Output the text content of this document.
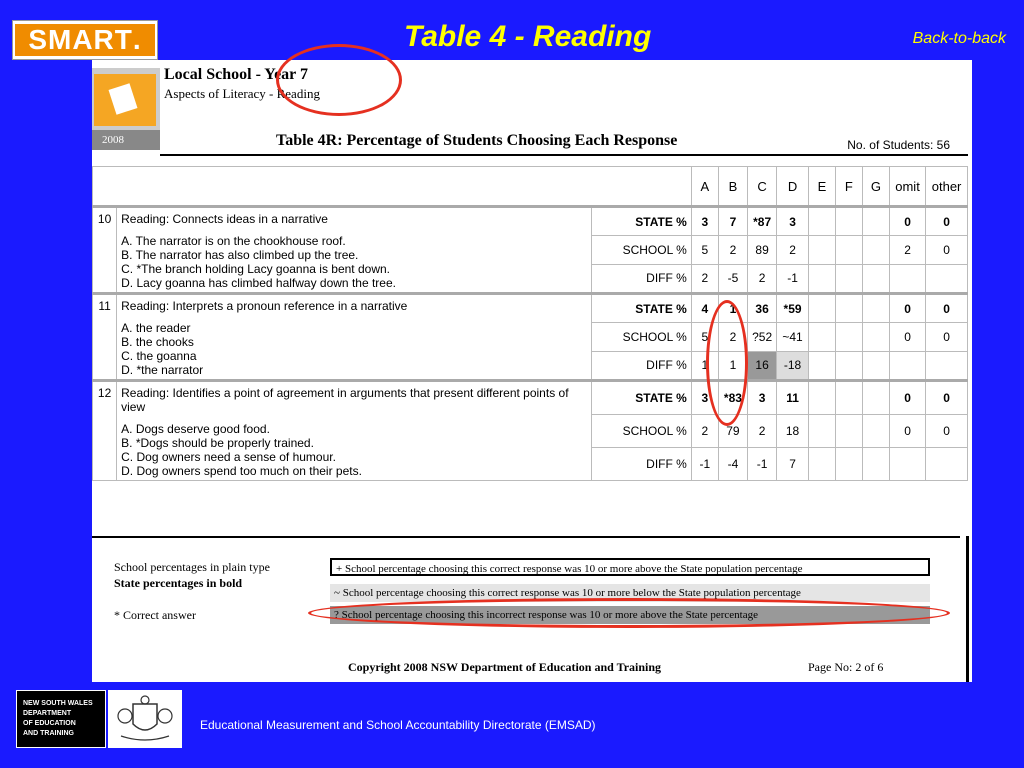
SMART .	Table 4 - Reading	Back-to-back
2008
Local School - Year 7
Aspects of Literacy - Reading
Table 4R: Percentage of Students Choosing Each Response	No. of Students: 56
			A	B	C	D	E	F	G	omit	other
10	Reading: Connects ideas in a narrative
A. The narrator is on the chookhouse roof.
B. The narrator has also climbed up the tree.
C. *The branch holding Lacy goanna is bent down.
D. Lacy goanna has climbed halfway down the tree.	STATE %	3	7	*87	3				0	0
		SCHOOL %	5	2	89	2				2	0
		DIFF %	2	-5	2	-1					
11	Reading: Interprets a pronoun reference in a narrative
A. the reader
B. the chooks
C. the goanna
D. *the narrator	STATE %	4	1	36	*59				0	0
		SCHOOL %	5	2	?52	~41				0	0
		DIFF %	1	1	16	-18					
12	Reading: Identifies a point of agreement in arguments that present different points of view
A. Dogs deserve good food.
B. *Dogs should be properly trained.
C. Dog owners need a sense of humour.
D. Dog owners spend too much on their pets.	STATE %	3	*83	3	11				0	0
		SCHOOL %	2	79	2	18				0	0
		DIFF %	-1	-4	-1	7					
School percentages in plain type
State percentages in bold
* Correct answer
+ School percentage choosing this correct response was 10 or more above the State population percentage
~ School percentage choosing this correct response was 10 or more below the State population percentage
? School percentage choosing this incorrect response was 10 or more above the State percentage
Copyright 2008 NSW Department of Education and Training	Page No: 2 of 6
NEW SOUTH WALES
DEPARTMENT
OF EDUCATION
AND TRAINING
Educational Measurement and School Accountability Directorate (EMSAD)
